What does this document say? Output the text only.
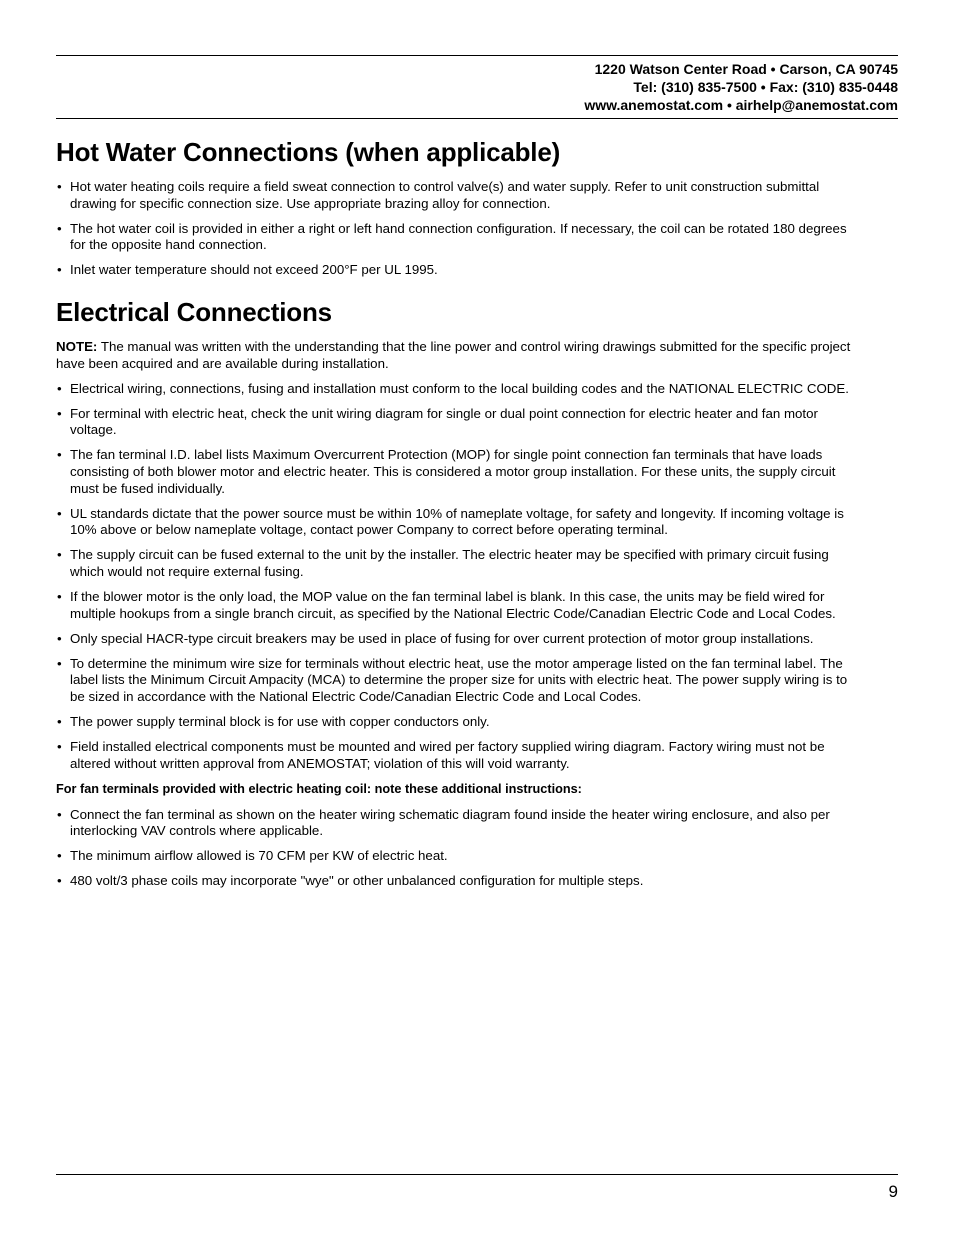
1220 Watson Center Road • Carson, CA 90745
Tel: (310) 835-7500 • Fax: (310) 835-0448
www.anemostat.com • airhelp@anemostat.com
Hot Water Connections (when applicable)
• Hot water heating coils require a field sweat connection to control valve(s) and water supply. Refer to unit construction submittal drawing for specific connection size. Use appropriate brazing alloy for connection.
• The hot water coil is provided in either a right or left hand connection configuration. If necessary, the coil can be rotated 180 degrees for the opposite hand connection.
• Inlet water temperature should not exceed 200°F per UL 1995.
Electrical Connections

NOTE: The manual was written with the understanding that the line power and control wiring drawings submitted for the specific project have been acquired and are available during installation.

• Electrical wiring, connections, fusing and installation must conform to the local building codes and the NATIONAL ELECTRIC CODE.
• For terminal with electric heat, check the unit wiring diagram for single or dual point connection for electric heater and fan motor voltage.
• The fan terminal I.D. label lists Maximum Overcurrent Protection (MOP) for single point connection fan terminals that have loads consisting of both blower motor and electric heater. This is considered a motor group installation. For these units, the supply circuit must be fused individually.
• UL standards dictate that the power source must be within 10% of nameplate voltage, for safety and longevity. If incoming voltage is 10% above or below nameplate voltage, contact power Company to correct before operating terminal.
• The supply circuit can be fused external to the unit by the installer. The electric heater may be specified with primary circuit fusing which would not require external fusing.
• If the blower motor is the only load, the MOP value on the fan terminal label is blank. In this case, the units may be field wired for multiple hookups from a single branch circuit, as specified by the National Electric Code/Canadian Electric Code and Local Codes.
• Only special HACR-type circuit breakers may be used in place of fusing for over current protection of motor group installations.
• To determine the minimum wire size for terminals without electric heat, use the motor amperage listed on the fan terminal label. The label lists the Minimum Circuit Ampacity (MCA) to determine the proper size for units with electric heat. The power supply wiring is to be sized in accordance with the National Electric Code/Canadian Electric Code and Local Codes.
• The power supply terminal block is for use with copper conductors only.
• Field installed electrical components must be mounted and wired per factory supplied wiring diagram. Factory wiring must not be altered without written approval from ANEMOSTAT; violation of this will void warranty.

For fan terminals provided with electric heating coil: note these additional instructions:

• Connect the fan terminal as shown on the heater wiring schematic diagram found inside the heater wiring enclosure, and also per interlocking VAV controls where applicable.
• The minimum airflow allowed is 70 CFM per KW of electric heat.
• 480 volt/3 phase coils may incorporate "wye" or other unbalanced configuration for multiple steps.
9
